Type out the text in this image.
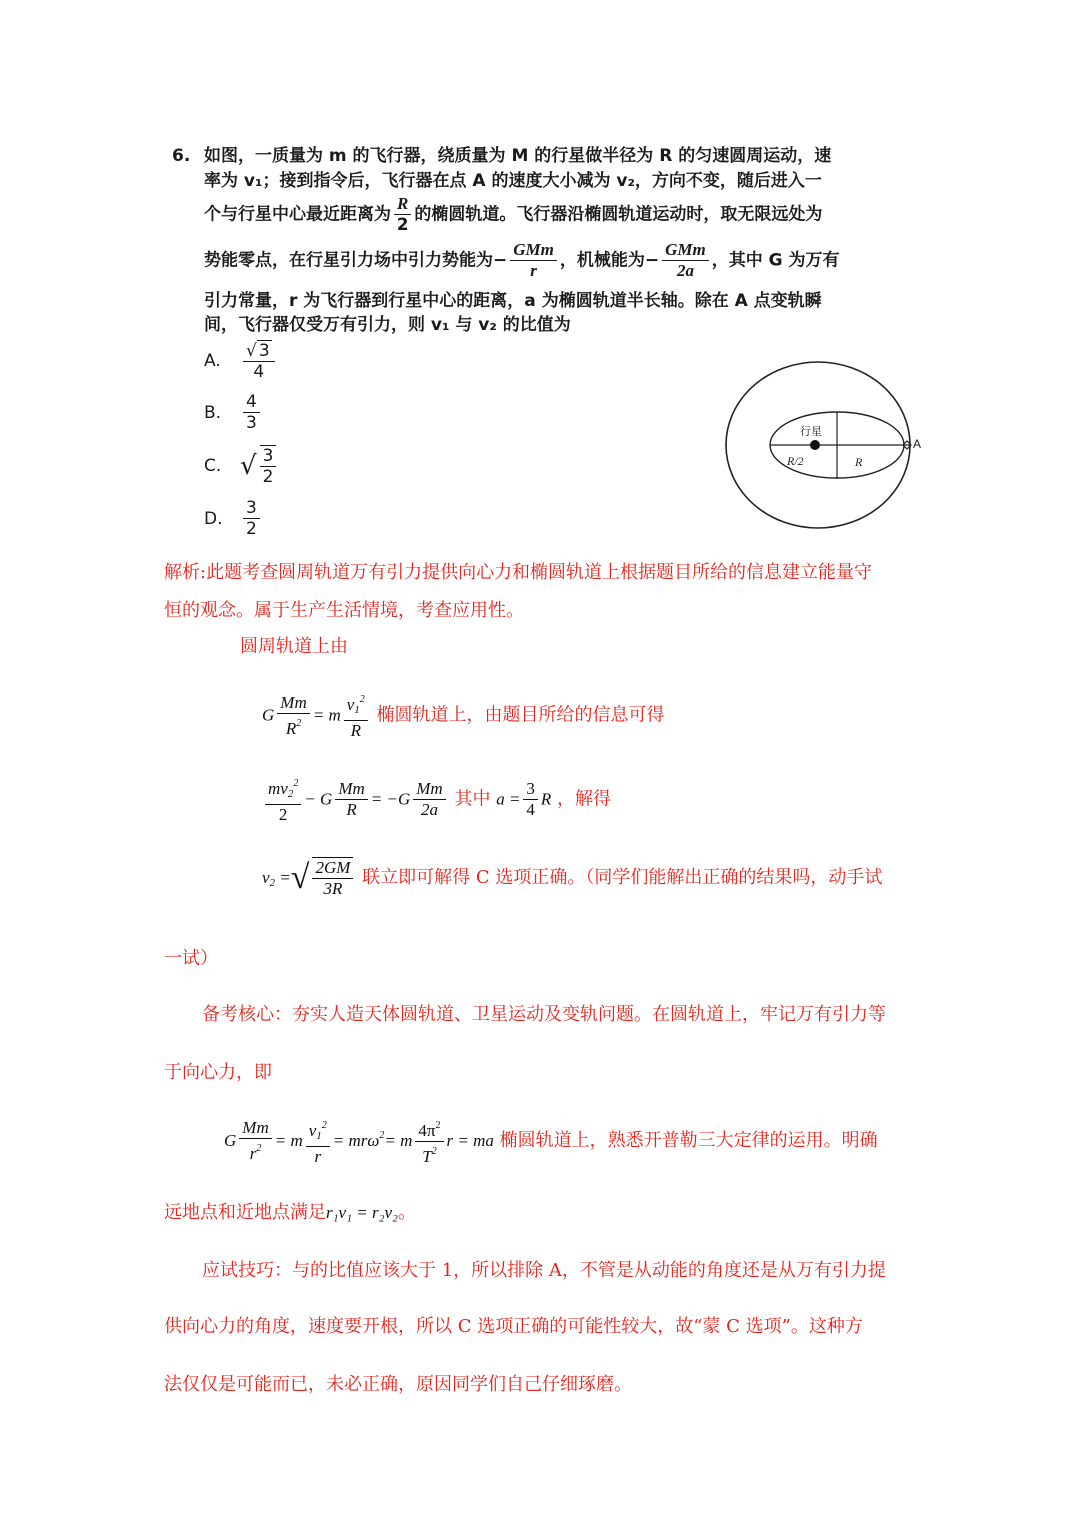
6. 如图，一质量为 m 的飞行器，绕质量为 M 的行星做半径为 R 的匀速圆周运动，速
率为 v₁；接到指令后，飞行器在点 A 的速度大小减为 v₂，方向不变，随后进入一
个与行星中心最近距离为 $\frac{R}{2}$ 的椭圆轨道。飞行器沿椭圆轨道运动时，取无限远处为
势能零点，在行星引力场中引力势能为− $\frac{\text{GMm}}{r}$ ，机械能为− $\frac{\text{GMm}}{2a}$ ，其中 G 为万有
引力常量，r 为飞行器到行星中心的距离，a 为椭圆轨道半长轴。除在 A 点变轨瞬
间，飞行器仅受万有引力，则 v₁ 与 v₂ 的比值为
A. $\frac{√ 3}{4}$
B. $\frac{4}{3}$
C. √ $\frac{3}{2}$
D. $\frac{3}{2}$
行星
R/2	R
A
解析:此题考查圆周轨道万有引力提供向心力和椭圆轨道上根据题目所给的信息建立能量守
恒的观念。属于生产生活情境，考查应用性。
圆周轨道上由
G $\frac{Mm}{R^2} = m \frac{v_1^2}{R}$ 椭圆轨道上，由题目所给的信息可得
$\frac{mv_2^2}{2} - G \frac{Mm}{R} = -G \frac{Mm}{2a}$ 其中 $a = \frac{3}{4}$ R ，解得
$v_2$ =√ $\frac{2GM}{3R}$ 联立即可解得 C 选项正确。（同学们能解出正确的结果吗，动手试
一试）
备考核心：夯实人造天体圆轨道、卫星运动及变轨问题。在圆轨道上，牢记万有引力等
于向心力，即
G $\frac{Mm}{r^2} = m \frac{v_1^2}{r} = mr\omega^2= m \frac{4\pi^2}{T^2}$ r = ma 椭圆轨道上，熟悉开普勒三大定律的运用。明确
远地点和近地点满足r₁v₁ = r₂v₂。
应试技巧：与的比值应该大于 1，所以排除 A，不管是从动能的角度还是从万有引力提
供向心力的角度，速度要开根，所以 C 选项正确的可能性较大，故“蒙 C 选项”。这种方
法仅仅是可能而已，未必正确，原因同学们自己仔细琢磨。
